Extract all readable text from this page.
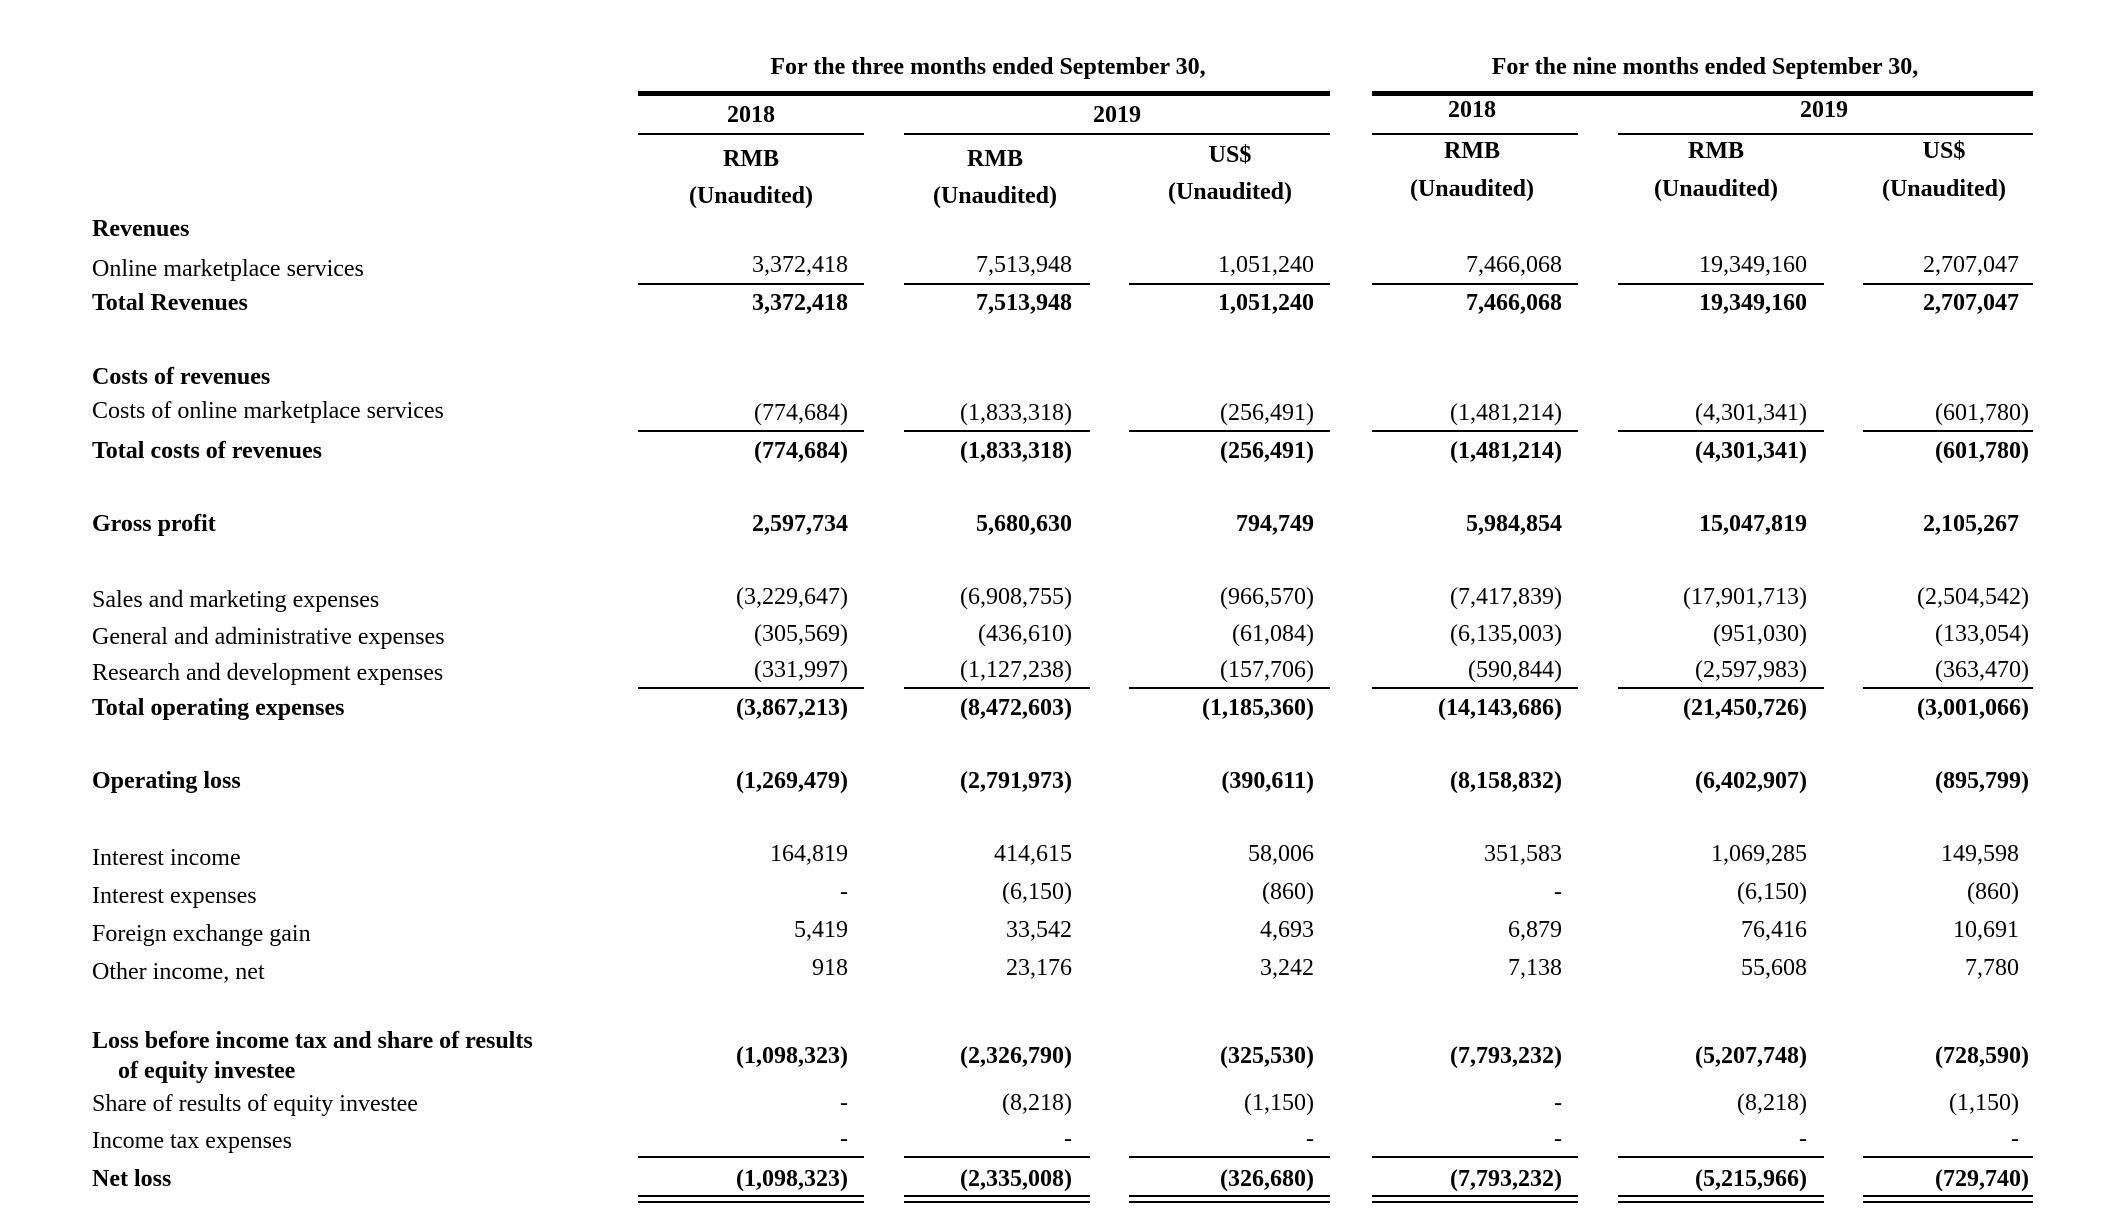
For the three months ended September 30,	For the nine months ended September 30,
2018	2019	2018	2019
RMB	RMB	US$	RMB	RMB	US$
(Unaudited)	(Unaudited)	(Unaudited)	(Unaudited)	(Unaudited)	(Unaudited)
Revenues
Costs of revenues
Online marketplace services	3,372,418	7,513,948	1,051,240	7,466,068	19,349,160	2,707,047
Total Revenues	3,372,418	7,513,948	1,051,240	7,466,068	19,349,160	2,707,047
Costs of online marketplace services	(774,684)	(1,833,318)	(256,491)	(1,481,214)	(4,301,341)	(601,780)
Total costs of revenues	(774,684)	(1,833,318)	(256,491)	(1,481,214)	(4,301,341)	(601,780)
Gross profit	2,597,734	5,680,630	794,749	5,984,854	15,047,819	2,105,267
Sales and marketing expenses	(3,229,647)	(6,908,755)	(966,570)	(7,417,839)	(17,901,713)	(2,504,542)
General and administrative expenses	(305,569)	(436,610)	(61,084)	(6,135,003)	(951,030)	(133,054)
Research and development expenses	(331,997)	(1,127,238)	(157,706)	(590,844)	(2,597,983)	(363,470)
Total operating expenses	(3,867,213)	(8,472,603)	(1,185,360)	(14,143,686)	(21,450,726)	(3,001,066)
Operating loss	(1,269,479)	(2,791,973)	(390,611)	(8,158,832)	(6,402,907)	(895,799)
Interest income	164,819	414,615	58,006	351,583	1,069,285	149,598
Interest expenses	-	(6,150)	(860)	-	(6,150)	(860)
Foreign exchange gain	5,419	33,542	4,693	6,879	76,416	10,691
Other income, net	918	23,176	3,242	7,138	55,608	7,780
Loss before income tax and share of results
of equity investee
(1,098,323)	(2,326,790)	(325,530)	(7,793,232)	(5,207,748)	(728,590)
Share of results of equity investee	-	(8,218)	(1,150)	-	(8,218)	(1,150)
Income tax expenses	-	-	-	-	-	-
Net loss	(1,098,323)	(2,335,008)	(326,680)	(7,793,232)	(5,215,966)	(729,740)
